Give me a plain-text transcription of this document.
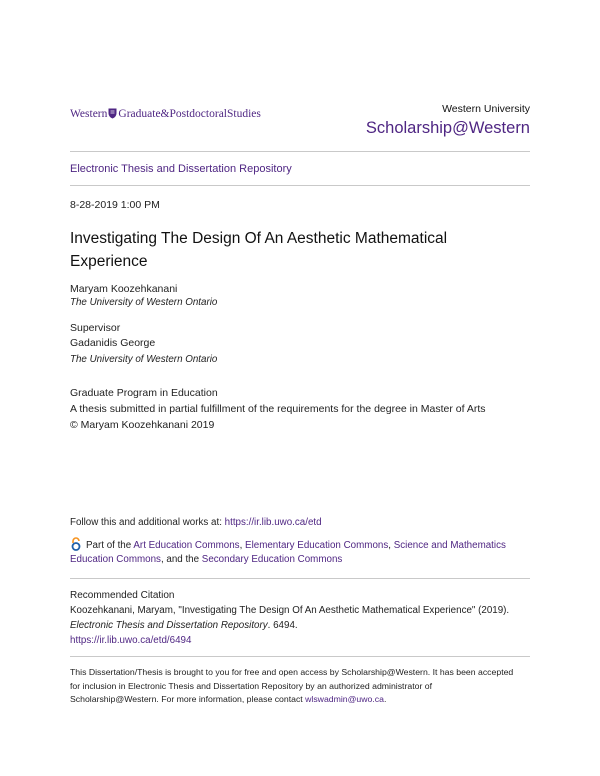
Western Graduate&PostdoctoralStudies	Western University
Scholarship@Western
Electronic Thesis and Dissertation Repository
8-28-2019 1:00 PM
Investigating The Design Of An Aesthetic Mathematical Experience
Maryam Koozehkanani
The University of Western Ontario
Supervisor
Gadanidis George
The University of Western Ontario
Graduate Program in Education
A thesis submitted in partial fulfillment of the requirements for the degree in Master of Arts
© Maryam Koozehkanani 2019
Follow this and additional works at: https://ir.lib.uwo.ca/etd
Part of the Art Education Commons, Elementary Education Commons, Science and Mathematics
Education Commons, and the Secondary Education Commons
Recommended Citation
Koozehkanani, Maryam, "Investigating The Design Of An Aesthetic Mathematical Experience" (2019).
Electronic Thesis and Dissertation Repository. 6494.
https://ir.lib.uwo.ca/etd/6494
This Dissertation/Thesis is brought to you for free and open access by Scholarship@Western. It has been accepted
for inclusion in Electronic Thesis and Dissertation Repository by an authorized administrator of
Scholarship@Western. For more information, please contact wlswadmin@uwo.ca.
